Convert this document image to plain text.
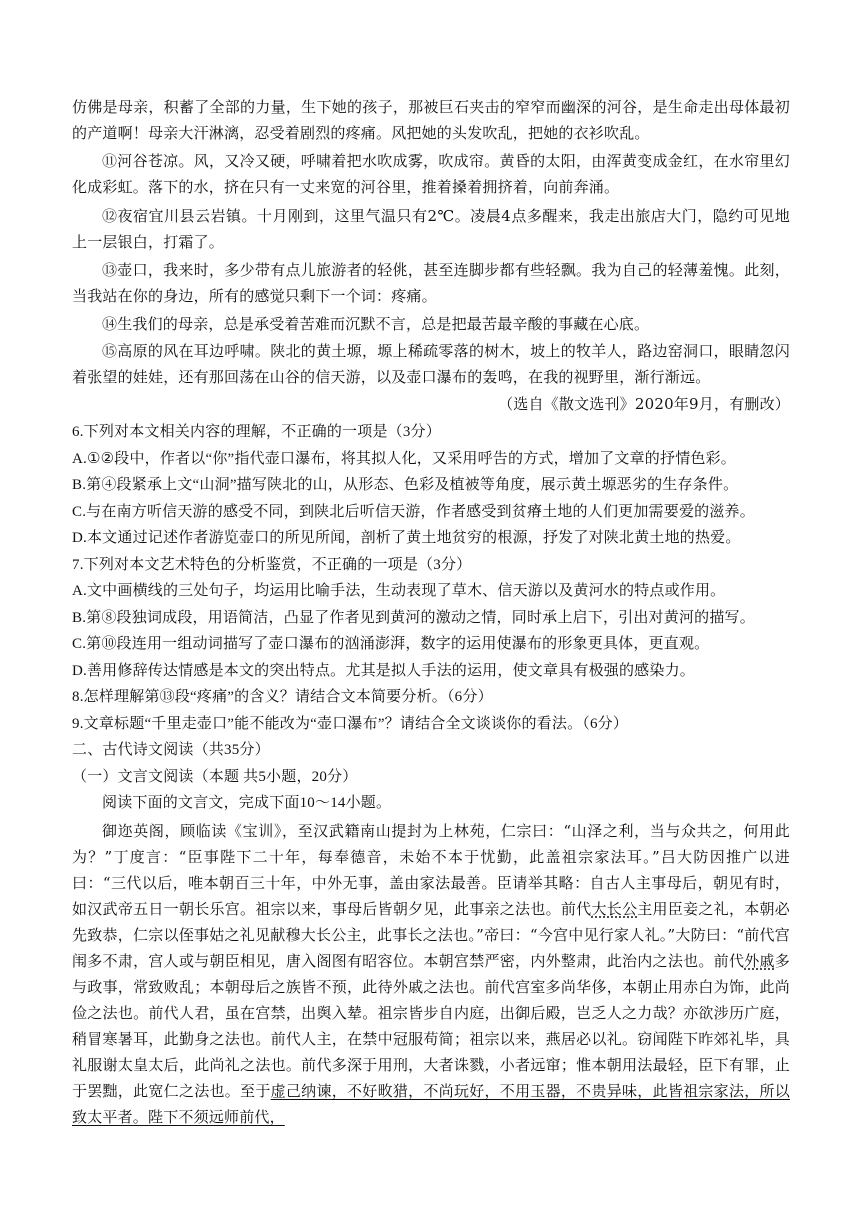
仿佛是母亲，积蓄了全部的力量，生下她的孩子，那被巨石夹击的窄窄而幽深的河谷，是生命走出母体最初的产道啊！母亲大汗淋漓，忍受着剧烈的疼痛。风把她的头发吹乱，把她的衣衫吹乱。

⑪河谷苍凉。风，又冷又硬，呼啸着把水吹成雾，吹成帘。黄昏的太阳，由浑黄变成金红，在水帘里幻化成彩虹。落下的水，挤在只有一丈来宽的河谷里，推着搡着拥挤着，向前奔涌。

⑫夜宿宜川县云岩镇。十月刚到，这里气温只有2℃。凌晨4点多醒来，我走出旅店大门，隐约可见地上一层银白，打霜了。

⑬壶口，我来时，多少带有点儿旅游者的轻佻，甚至连脚步都有些轻飘。我为自己的轻薄羞愧。此刻，当我站在你的身边，所有的感觉只剩下一个词：疼痛。

⑭生我们的母亲，总是承受着苦难而沉默不言，总是把最苦最辛酸的事藏在心底。

⑮高原的风在耳边呼啸。陕北的黄土塬，塬上稀疏零落的树木，坡上的牧羊人，路边窑洞口，眼睛忽闪着张望的娃娃，还有那回荡在山谷的信天游，以及壶口瀑布的轰鸣，在我的视野里，渐行渐远。

（选自《散文选刊》2020年9月，有删改）

6.下列对本文相关内容的理解，不正确的一项是（3分）
A.①②段中，作者以“你”指代壶口瀑布，将其拟人化，又采用呼告的方式，增加了文章的抒情色彩。
B.第④段紧承上文“山洞”描写陕北的山，从形态、色彩及植被等角度，展示黄土塬恶劣的生存条件。
C.与在南方听信天游的感受不同，到陕北后听信天游，作者感受到贫瘠土地的人们更加需要爱的滋养。
D.本文通过记述作者游览壶口的所见所闻，剖析了黄土地贫穷的根源，抒发了对陕北黄土地的热爱。
7.下列对本文艺术特色的分析鉴赏，不正确的一项是（3分）
A.文中画横线的三处句子，均运用比喻手法，生动表现了草木、信天游以及黄河水的特点或作用。
B.第⑧段独词成段，用语简洁，凸显了作者见到黄河的激动之情，同时承上启下，引出对黄河的描写。
C.第⑩段连用一组动词描写了壶口瀑布的汹涌澎湃，数字的运用使瀑布的形象更具体，更直观。
D.善用修辞传达情感是本文的突出特点。尤其是拟人手法的运用，使文章具有极强的感染力。
8.怎样理解第⑬段“疼痛”的含义？请结合文本简要分析。（6分）
9.文章标题“千里走壶口”能不能改为“壶口瀑布”？请结合全文谈谈你的看法。（6分）
二、古代诗文阅读（共35分）
（一）文言文阅读（本题 共5小题，20分）
阅读下面的文言文，完成下面10～14小题。

御迩英阁，顾临读《宝训》，至汉武籍南山提封为上林苑，仁宗曰：“山泽之利，当与众共之，何用此为？”丁度言：“臣事陛下二十年，每奉德音，未始不本于忧勤，此盖祖宗家法耳。”吕大防因推广以进曰：“三代以后，唯本朝百三十年，中外无事，盖由家法最善。臣请举其略：自古人主事母后，朝见有时，如汉武帝五日一朝长乐宫。祖宗以来，事母后皆朝夕见，此事亲之法也。前代大长公主用臣妾之礼，本朝必先致恭，仁宗以侄事姑之礼见献穆大长公主，此事长之法也。”帝曰：“今宫中见行家人礼。”大防曰：“前代宫闱多不肃，宫人或与朝臣相见，唐入阁图有昭容位。本朝宫禁严密，内外整肃，此治内之法也。前代外戚多与政事，常致败乱；本朝母后之族皆不预，此待外戚之法也。前代宫室多尚华侈，本朝止用赤白为饰，此尚俭之法也。前代人君，虽在宫禁，出舆入辇。祖宗皆步自内庭，出御后殿，岂乏人之力哉？亦欲涉历广庭，稍冒寒暑耳，此勤身之法也。前代人主，在禁中冠服苟简；祖宗以来，燕居必以礼。窃闻陛下昨郊礼毕，具礼服谢太皇太后，此尚礼之法也。前代多深于用刑，大者诛戮，小者远窜；惟本朝用法最轻，臣下有罪，止于罢黜，此宽仁之法也。至于虚己纳谏，不好畋猎，不尚玩好，不用玉器，不贵异味，此皆祖宗家法，所以致太平者。陛下不须远师前代，
